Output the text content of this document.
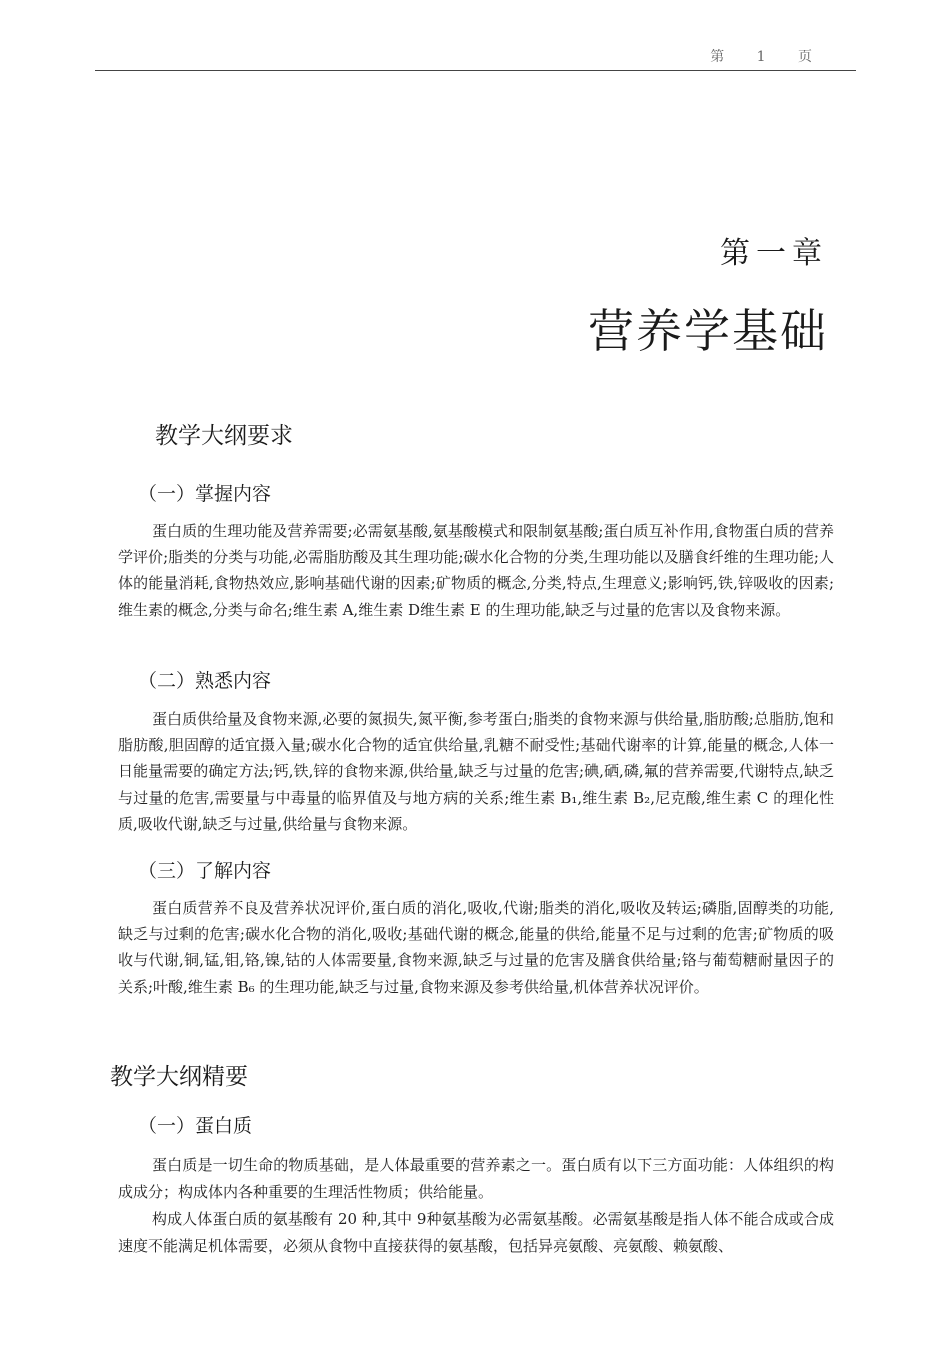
第 1 页
第一章
营养学基础
教学大纲要求
（一）掌握内容

蛋白质的生理功能及营养需要;必需氨基酸,氨基酸模式和限制氨基酸;蛋白质互补作用,食物蛋白质的营养学评价;脂类的分类与功能,必需脂肪酸及其生理功能;碳水化合物的分类,生理功能以及膳食纤维的生理功能;人体的能量消耗,食物热效应,影响基础代谢的因素;矿物质的概念,分类,特点,生理意义;影响钙,铁,锌吸收的因素;维生素的概念,分类与命名;维生素 A,维生素 D维生素 E 的生理功能,缺乏与过量的危害以及食物来源。

（二）熟悉内容

蛋白质供给量及食物来源,必要的氮损失,氮平衡,参考蛋白;脂类的食物来源与供给量,脂肪酸;总脂肪,饱和脂肪酸,胆固醇的适宜摄入量;碳水化合物的适宜供给量,乳糖不耐受性;基础代谢率的计算,能量的概念,人体一日能量需要的确定方法;钙,铁,锌的食物来源,供给量,缺乏与过量的危害;碘,硒,磷,氟的营养需要,代谢特点,缺乏与过量的危害,需要量与中毒量的临界值及与地方病的关系;维生素 B₁,维生素 B₂,尼克酸,维生素 C 的理化性质,吸收代谢,缺乏与过量,供给量与食物来源。

（三）了解内容

蛋白质营养不良及营养状况评价,蛋白质的消化,吸收,代谢;脂类的消化,吸收及转运;磷脂,固醇类的功能,缺乏与过剩的危害;碳水化合物的消化,吸收;基础代谢的概念,能量的供给,能量不足与过剩的危害;矿物质的吸收与代谢,铜,锰,钼,铬,镍,钴的人体需要量,食物来源,缺乏与过量的危害及膳食供给量;铬与葡萄糖耐量因子的关系;叶酸,维生素 B₆ 的生理功能,缺乏与过量,食物来源及参考供给量,机体营养状况评价。

教学大纲精要
（一）蛋白质

蛋白质是一切生命的物质基础，是人体最重要的营养素之一。蛋白质有以下三方面功能：人体组织的构成成分；构成体内各种重要的生理活性物质；供给能量。

构成人体蛋白质的氨基酸有 20 种,其中 9种氨基酸为必需氨基酸。必需氨基酸是指人体不能合成或合成速度不能满足机体需要，必须从食物中直接获得的氨基酸，包括异亮氨酸、亮氨酸、赖氨酸、
